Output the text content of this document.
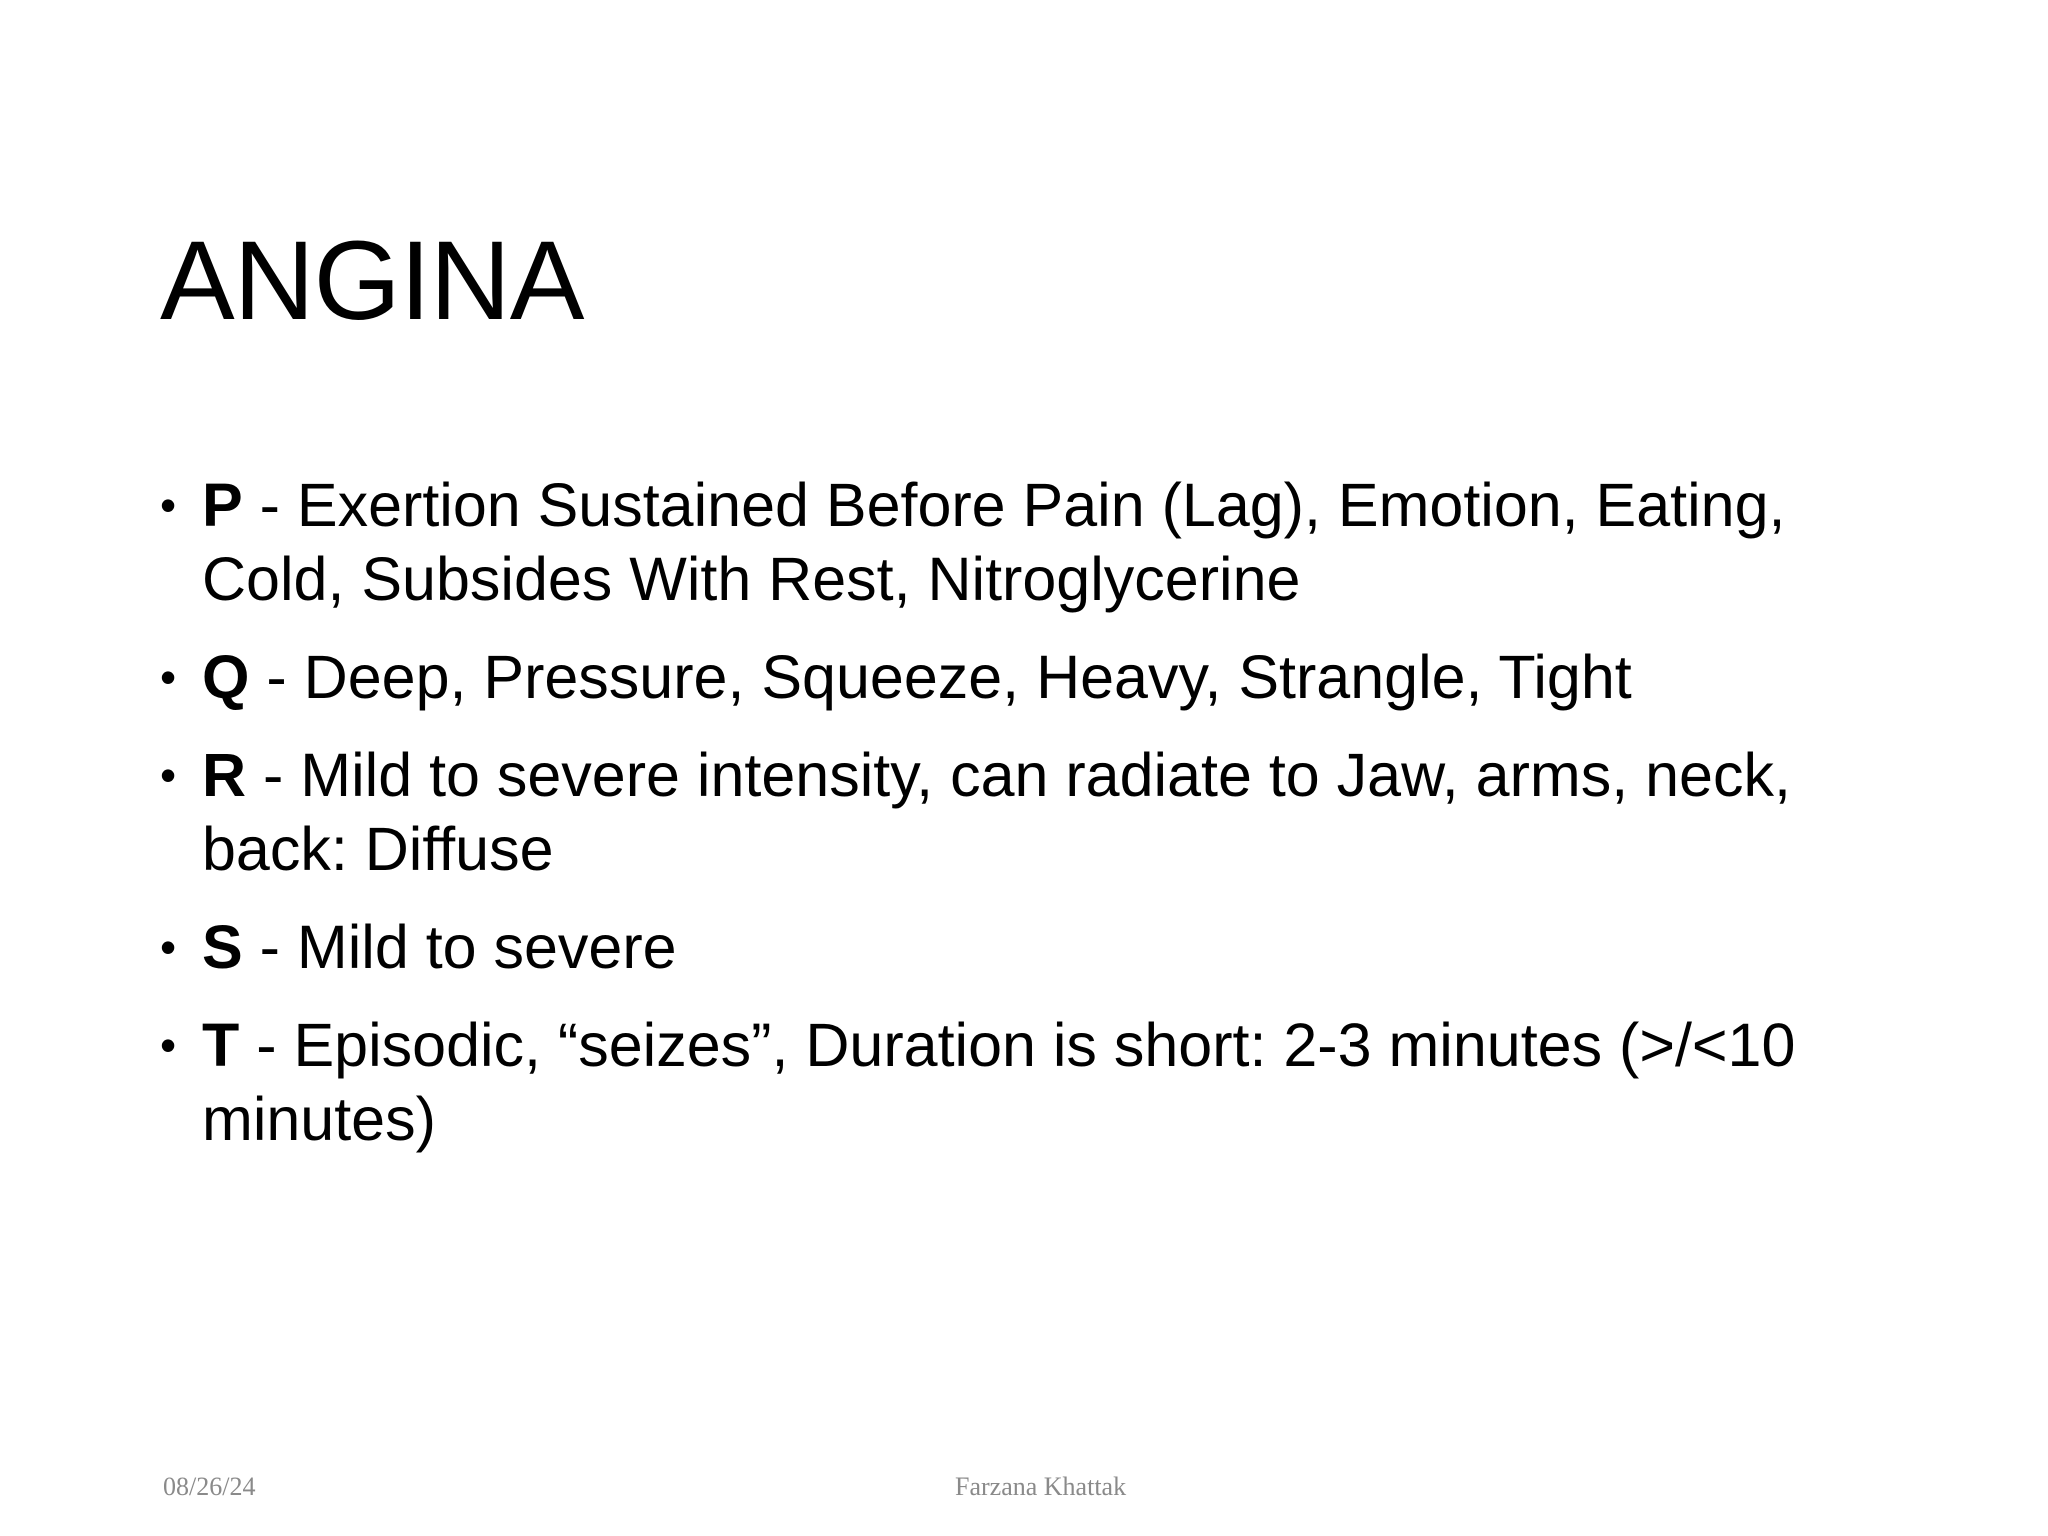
ANGINA
• P - Exertion Sustained Before Pain (Lag), Emotion, Eating, Cold, Subsides With Rest, Nitroglycerine
• Q - Deep, Pressure, Squeeze, Heavy, Strangle, Tight
• R - Mild to severe intensity, can radiate to Jaw, arms, neck, back: Diffuse
• S - Mild to severe
• T - Episodic, “seizes”, Duration is short: 2-3 minutes (>/<10 minutes)
08/26/24	Farzana Khattak
